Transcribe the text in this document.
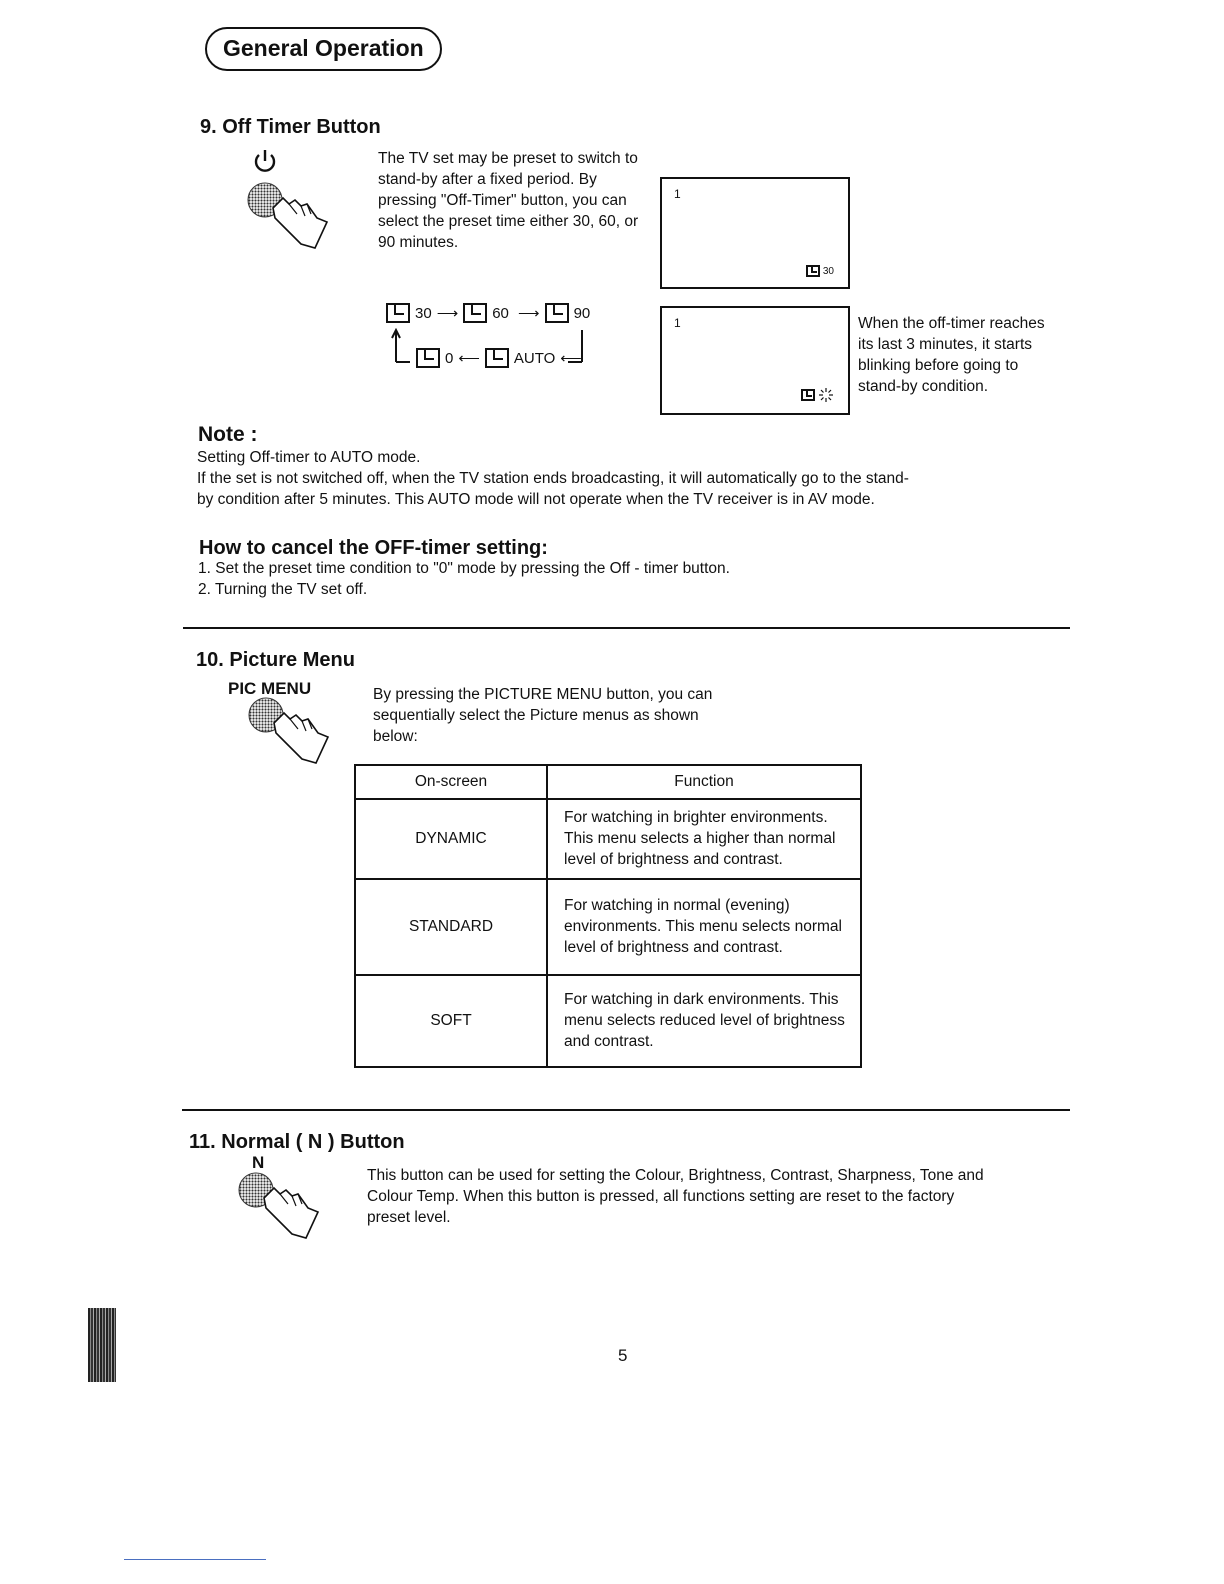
General Operation
9. Off Timer Button
The TV set may be preset to switch to stand-by after a fixed period. By pressing "Off-Timer" button, you can select the preset time either 30, 60, or 90 minutes.
1
30
30 ⟶ 60 ⟶ 90
0 ⟵ AUTO ⟵
1	When the off-timer reaches its last 3 minutes, it starts blinking before going to stand-by condition.
Note :
Setting Off-timer to AUTO mode.
If the set is not switched off, when the TV station ends broadcasting, it will automatically go to the stand-by condition after 5 minutes. This AUTO mode will not operate when the TV receiver is in AV mode.
How to cancel the OFF-timer setting:
1. Set the preset time condition to "0" mode by pressing the Off - timer button.
2. Turning the TV set off.
10. Picture Menu
PIC MENU	By pressing the PICTURE MENU button, you can sequentially select the Picture menus as shown below:
On-screen	Function
DYNAMIC	For watching in brighter environments. This menu selects a higher than normal level of brightness and contrast.
STANDARD	For watching in normal (evening) environments. This menu selects normal level of brightness and contrast.
SOFT	For watching in dark environments. This menu selects reduced level of brightness and contrast.
11. Normal ( N ) Button
N
This button can be used for setting the Colour, Brightness, Contrast, Sharpness, Tone and Colour Temp. When this button is pressed, all functions setting are reset to the factory preset level.
5
